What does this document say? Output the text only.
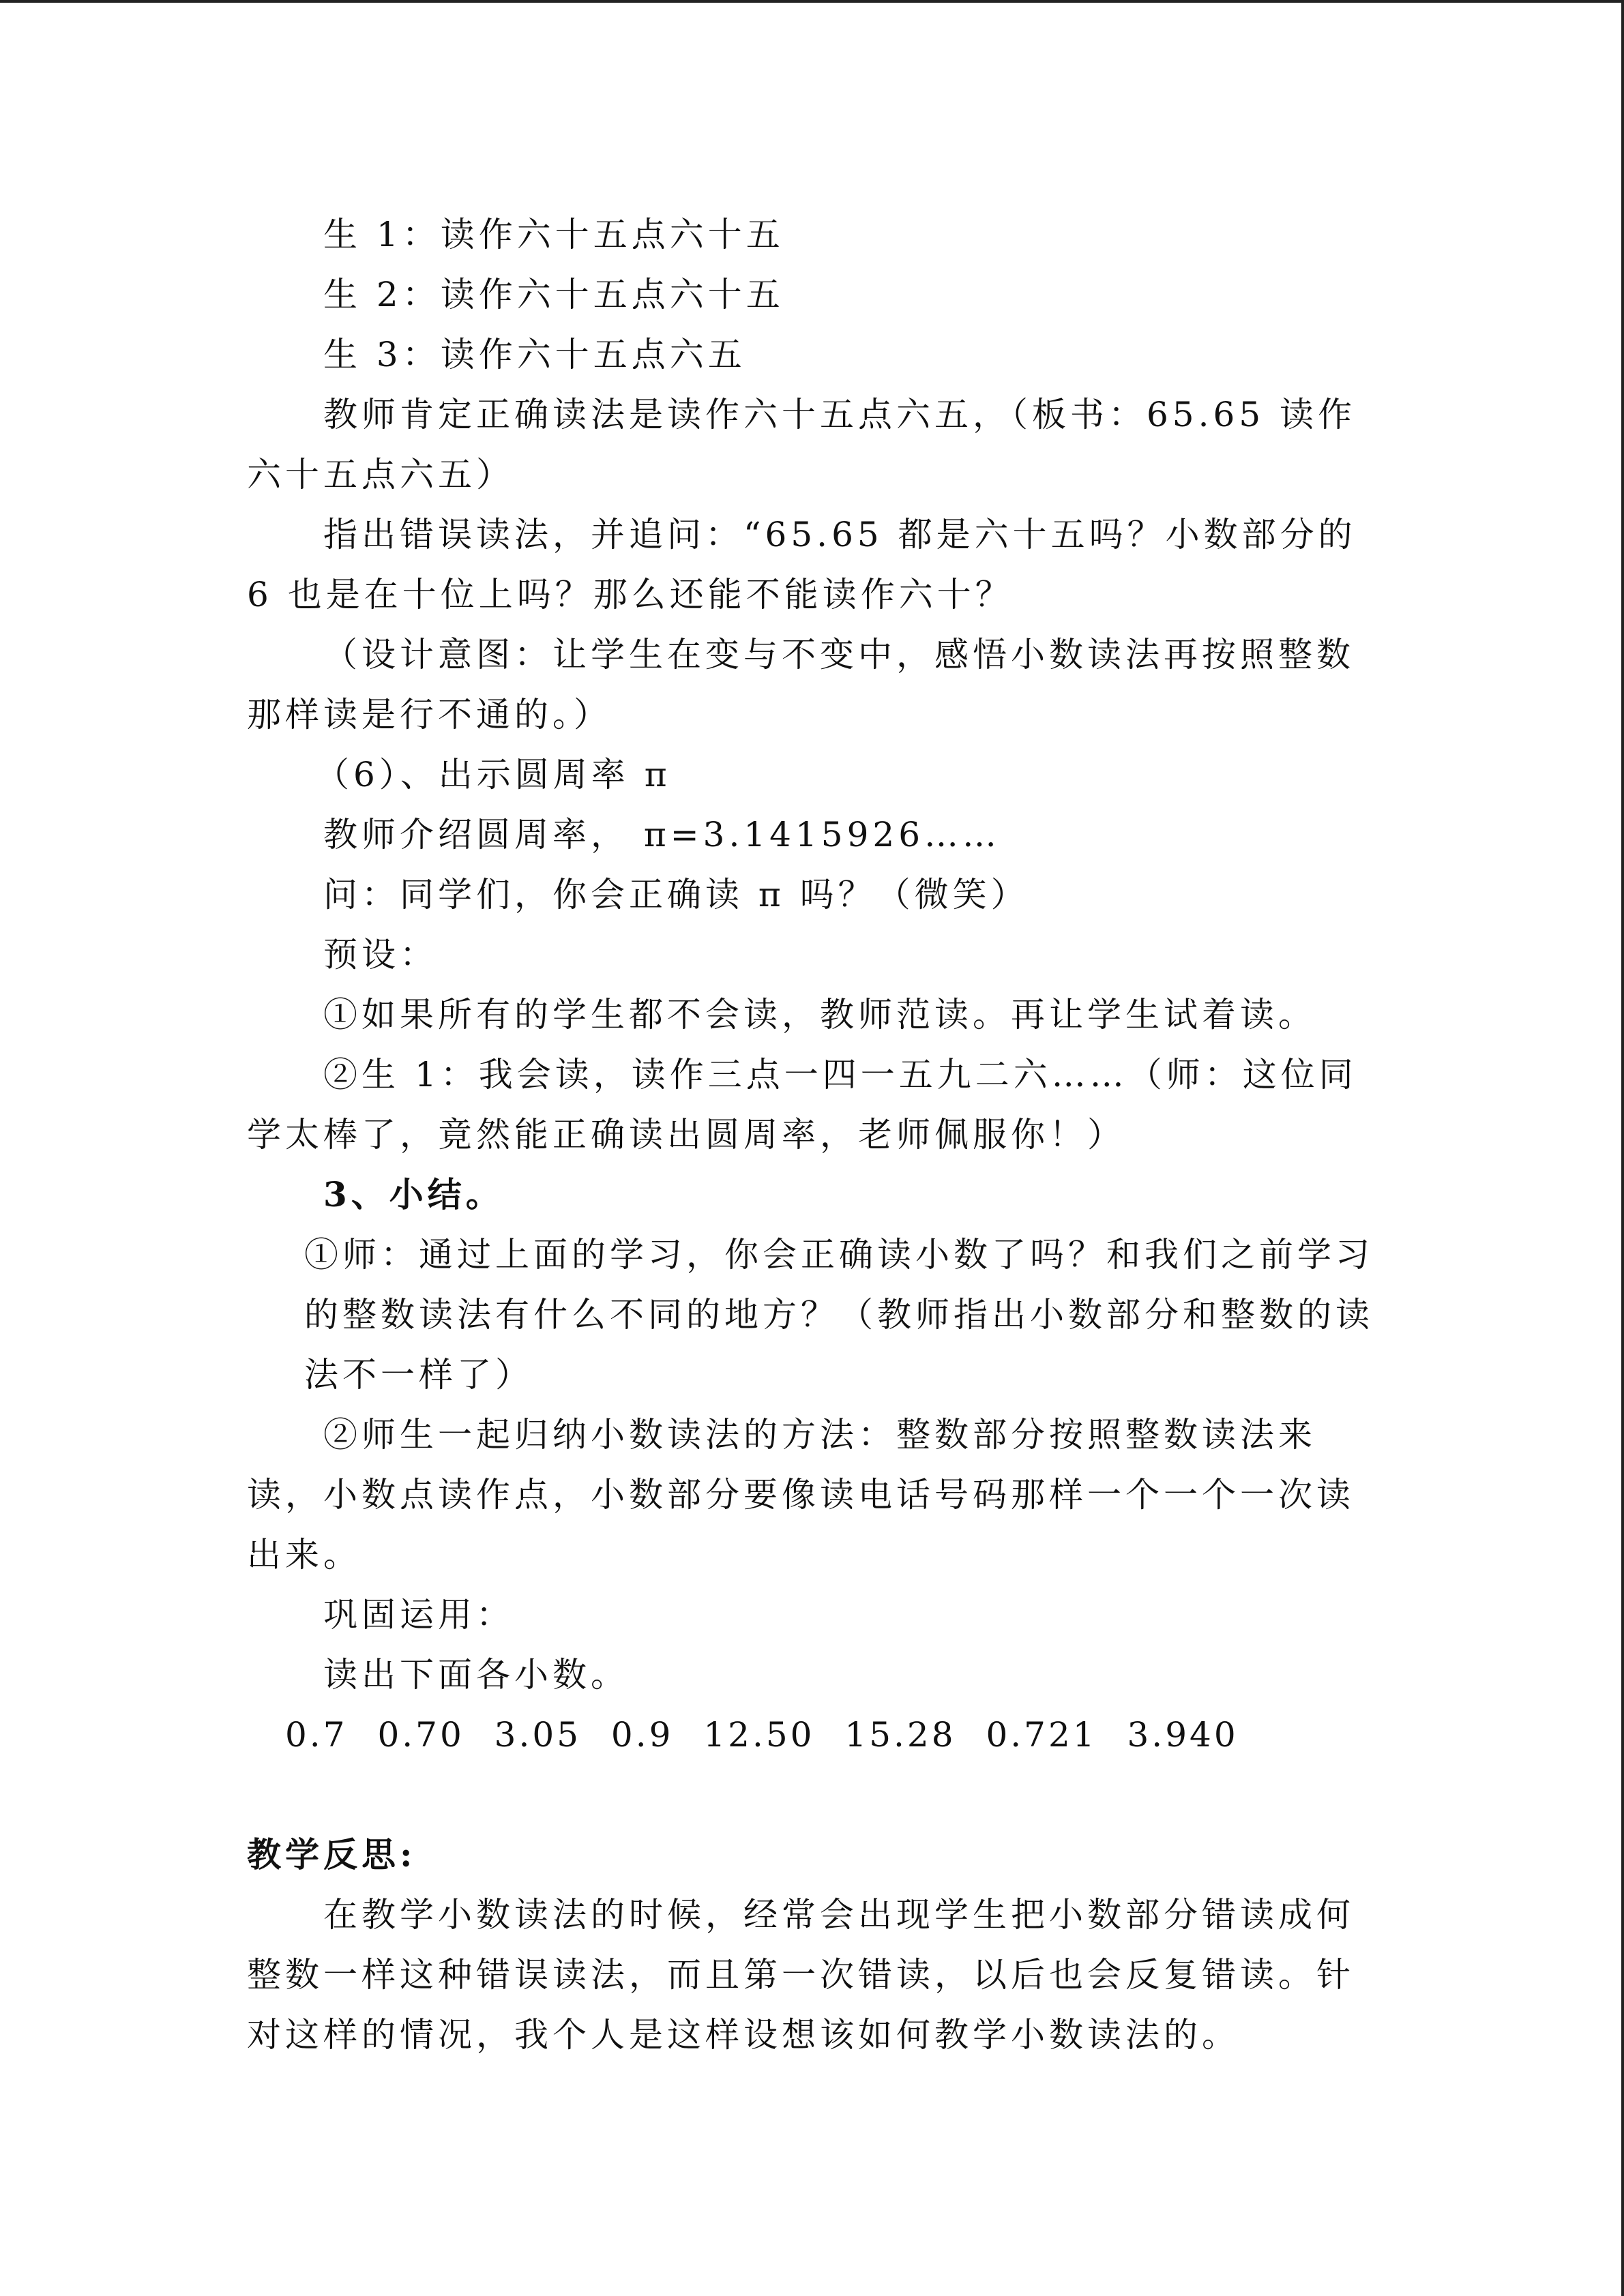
生 1：读作六十五点六十五
生 2：读作六十五点六十五
生 3：读作六十五点六五

教师肯定正确读法是读作六十五点六五，（板书：65.65 读作六十五点六五）

指出错误读法，并追问：“65.65 都是六十五吗？小数部分的 6 也是在十位上吗？那么还能不能读作六十？

（设计意图：让学生在变与不变中，感悟小数读法再按照整数那样读是行不通的。）

（6）、出示圆周率 π
教师介绍圆周率， π=3.1415926……
问：同学们，你会正确读 π 吗？（微笑）
预设：
①如果所有的学生都不会读，教师范读。再让学生试着读。

②生 1：我会读，读作三点一四一五九二六……（师：这位同学太棒了，竟然能正确读出圆周率，老师佩服你！）

3、小结。

①师：通过上面的学习，你会正确读小数了吗？和我们之前学习的整数读法有什么不同的地方？（教师指出小数部分和整数的读法不一样了）

②师生一起归纳小数读法的方法：整数部分按照整数读法来读，小数点读作点，小数部分要像读电话号码那样一个一个一次读出来。

巩固运用：
读出下面各小数。
0.7 0.70 3.05 0.9 12.50 15.28 0.721 3.940
教学反思:

在教学小数读法的时候，经常会出现学生把小数部分错读成何整数一样这种错误读法，而且第一次错读，以后也会反复错读。针对这样的情况，我个人是这样设想该如何教学小数读法的。
